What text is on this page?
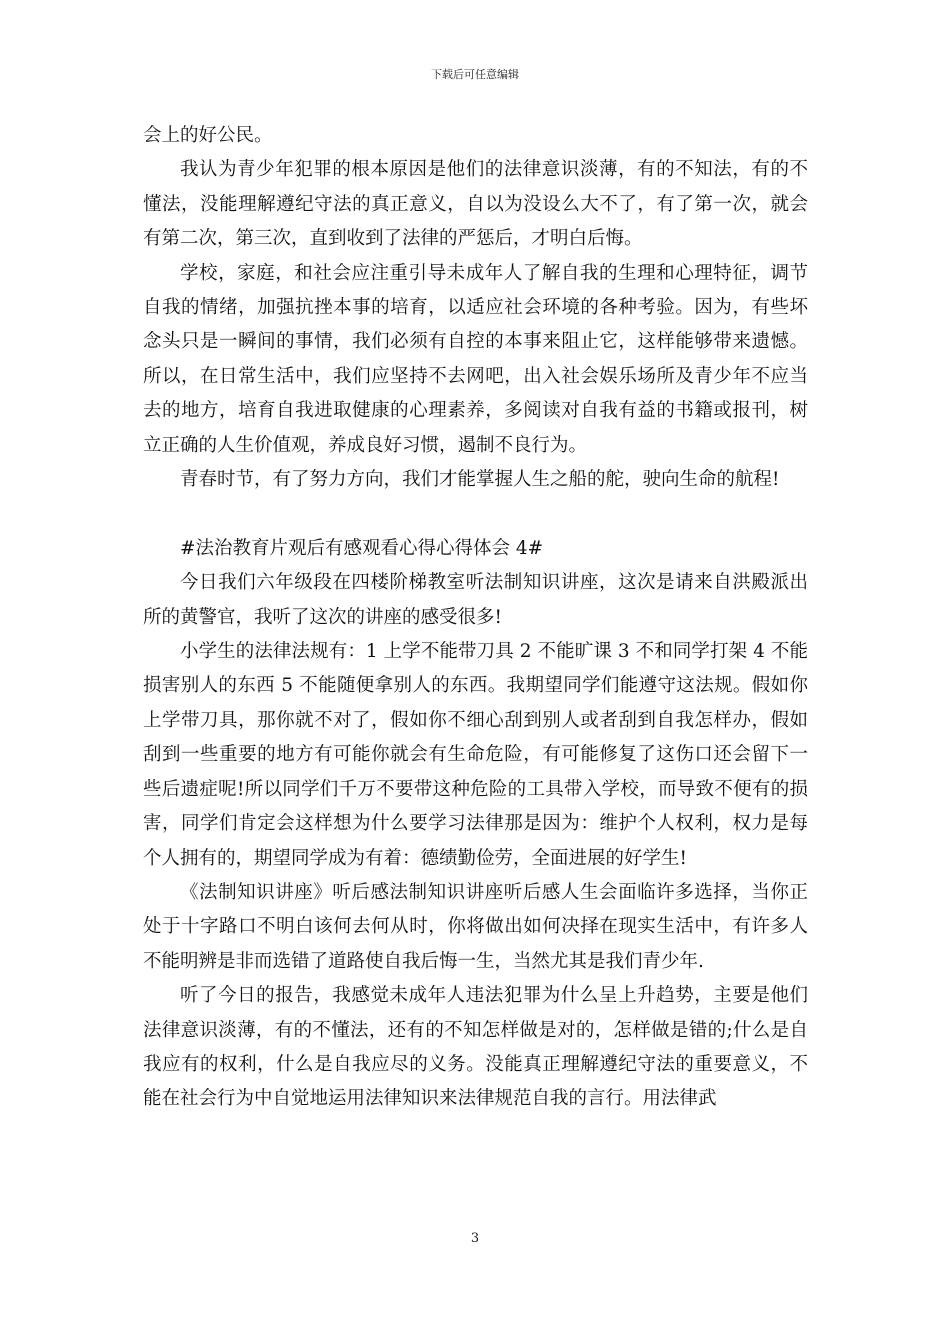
下载后可任意编辑

会上的好公民。

我认为青少年犯罪的根本原因是他们的法律意识淡薄，有的不知法，有的不懂法，没能理解遵纪守法的真正意义，自以为没设么大不了，有了第一次，就会有第二次，第三次，直到收到了法律的严惩后，才明白后悔。

学校，家庭，和社会应注重引导未成年人了解自我的生理和心理特征，调节自我的情绪，加强抗挫本事的培育，以适应社会环境的各种考验。因为，有些坏念头只是一瞬间的事情，我们必须有自控的本事来阻止它，这样能够带来遗憾。所以，在日常生活中，我们应坚持不去网吧，出入社会娱乐场所及青少年不应当去的地方，培育自我进取健康的心理素养，多阅读对自我有益的书籍或报刊，树立正确的人生价值观，养成良好习惯，遏制不良行为。

青春时节，有了努力方向，我们才能掌握人生之船的舵，驶向生命的航程!

#法治教育片观后有感观看心得心得体会 4#

今日我们六年级段在四楼阶梯教室听法制知识讲座，这次是请来自洪殿派出所的黄警官，我听了这次的讲座的感受很多!

小学生的法律法规有：1 上学不能带刀具 2 不能旷课 3 不和同学打架 4 不能损害别人的东西 5 不能随便拿别人的东西。我期望同学们能遵守这法规。假如你上学带刀具，那你就不对了，假如你不细心刮到别人或者刮到自我怎样办，假如刮到一些重要的地方有可能你就会有生命危险，有可能修复了这伤口还会留下一些后遗症呢!所以同学们千万不要带这种危险的工具带入学校，而导致不便有的损害，同学们肯定会这样想为什么要学习法律那是因为：维护个人权利，权力是每个人拥有的，期望同学成为有着：德绩勤俭劳，全面进展的好学生!

《法制知识讲座》听后感法制知识讲座听后感人生会面临许多选择，当你正处于十字路口不明白该何去何从时，你将做出如何决择在现实生活中，有许多人不能明辨是非而选错了道路使自我后悔一生，当然尤其是我们青少年.

听了今日的报告，我感觉未成年人违法犯罪为什么呈上升趋势，主要是他们法律意识淡薄，有的不懂法，还有的不知怎样做是对的，怎样做是错的;什么是自我应有的权利，什么是自我应尽的义务。没能真正理解遵纪守法的重要意义，不能在社会行为中自觉地运用法律知识来法律规范自我的言行。用法律武

3
